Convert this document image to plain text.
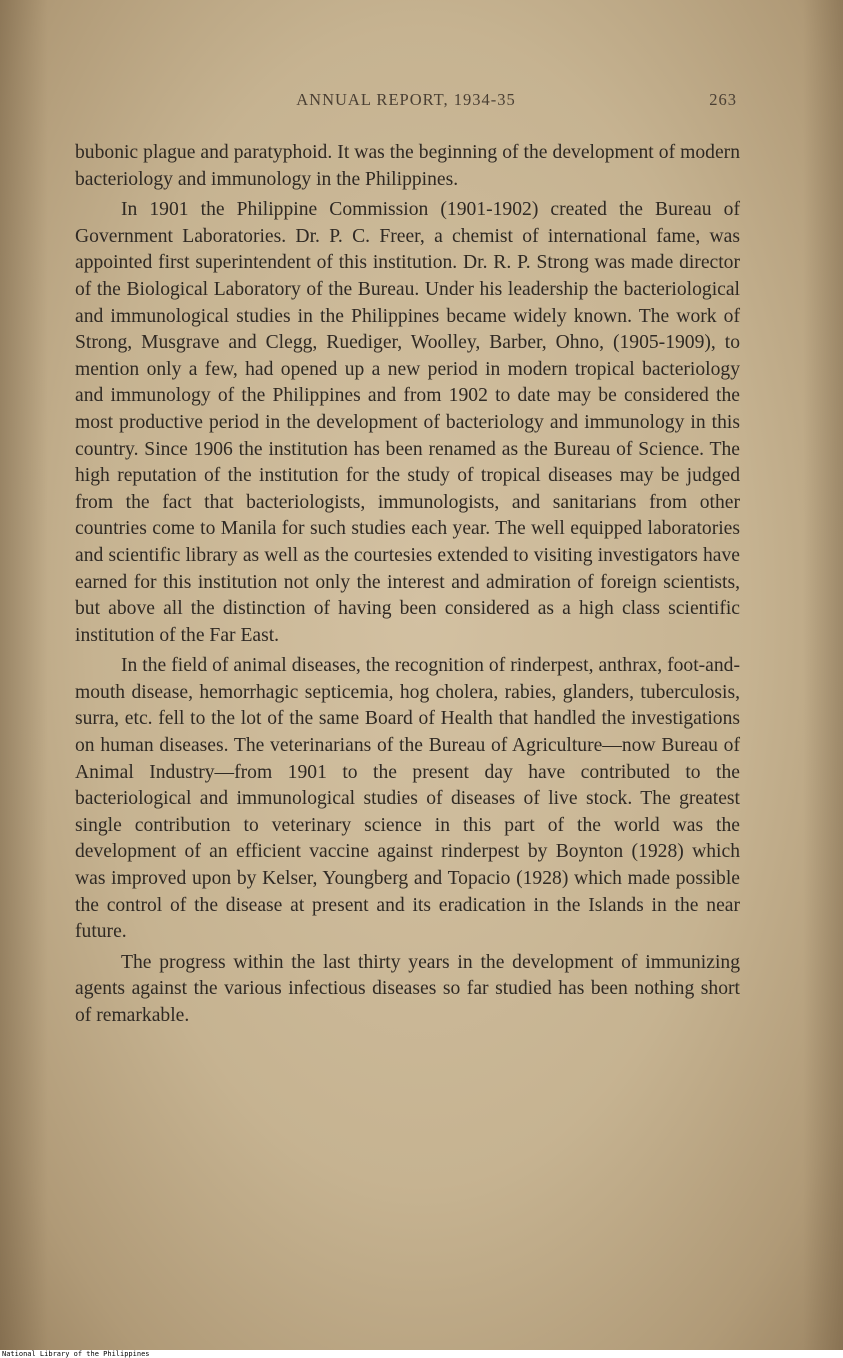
ANNUAL REPORT, 1934-35	263

bubonic plague and paratyphoid. It was the beginning of the development of modern bacteriology and immunology in the Philippines.

In 1901 the Philippine Commission (1901-1902) created the Bureau of Government Laboratories. Dr. P. C. Freer, a chemist of international fame, was appointed first superintendent of this institution. Dr. R. P. Strong was made director of the Biological Laboratory of the Bureau. Under his leadership the bacteriological and immunological studies in the Philippines became widely known. The work of Strong, Musgrave and Clegg, Ruediger, Woolley, Barber, Ohno, (1905-1909), to mention only a few, had opened up a new period in modern tropical bacteriology and immunology of the Philippines and from 1902 to date may be considered the most productive period in the development of bacteriology and immunology in this country. Since 1906 the institution has been renamed as the Bureau of Science. The high reputation of the institution for the study of tropical diseases may be judged from the fact that bacteriologists, immunologists, and sanitarians from other countries come to Manila for such studies each year. The well equipped laboratories and scientific library as well as the courtesies extended to visiting investigators have earned for this institution not only the interest and admiration of foreign scientists, but above all the distinction of having been considered as a high class scientific institution of the Far East.

In the field of animal diseases, the recognition of rinderpest, anthrax, foot-and-mouth disease, hemorrhagic septicemia, hog cholera, rabies, glanders, tuberculosis, surra, etc. fell to the lot of the same Board of Health that handled the investigations on human diseases. The veterinarians of the Bureau of Agriculture—now Bureau of Animal Industry—from 1901 to the present day have contributed to the bacteriological and immunological studies of diseases of live stock. The greatest single contribution to veterinary science in this part of the world was the development of an efficient vaccine against rinderpest by Boynton (1928) which was improved upon by Kelser, Youngberg and Topacio (1928) which made possible the control of the disease at present and its eradication in the Islands in the near future.

The progress within the last thirty years in the development of immunizing agents against the various infectious diseases so far studied has been nothing short of remarkable.

National Library of the Philippines
